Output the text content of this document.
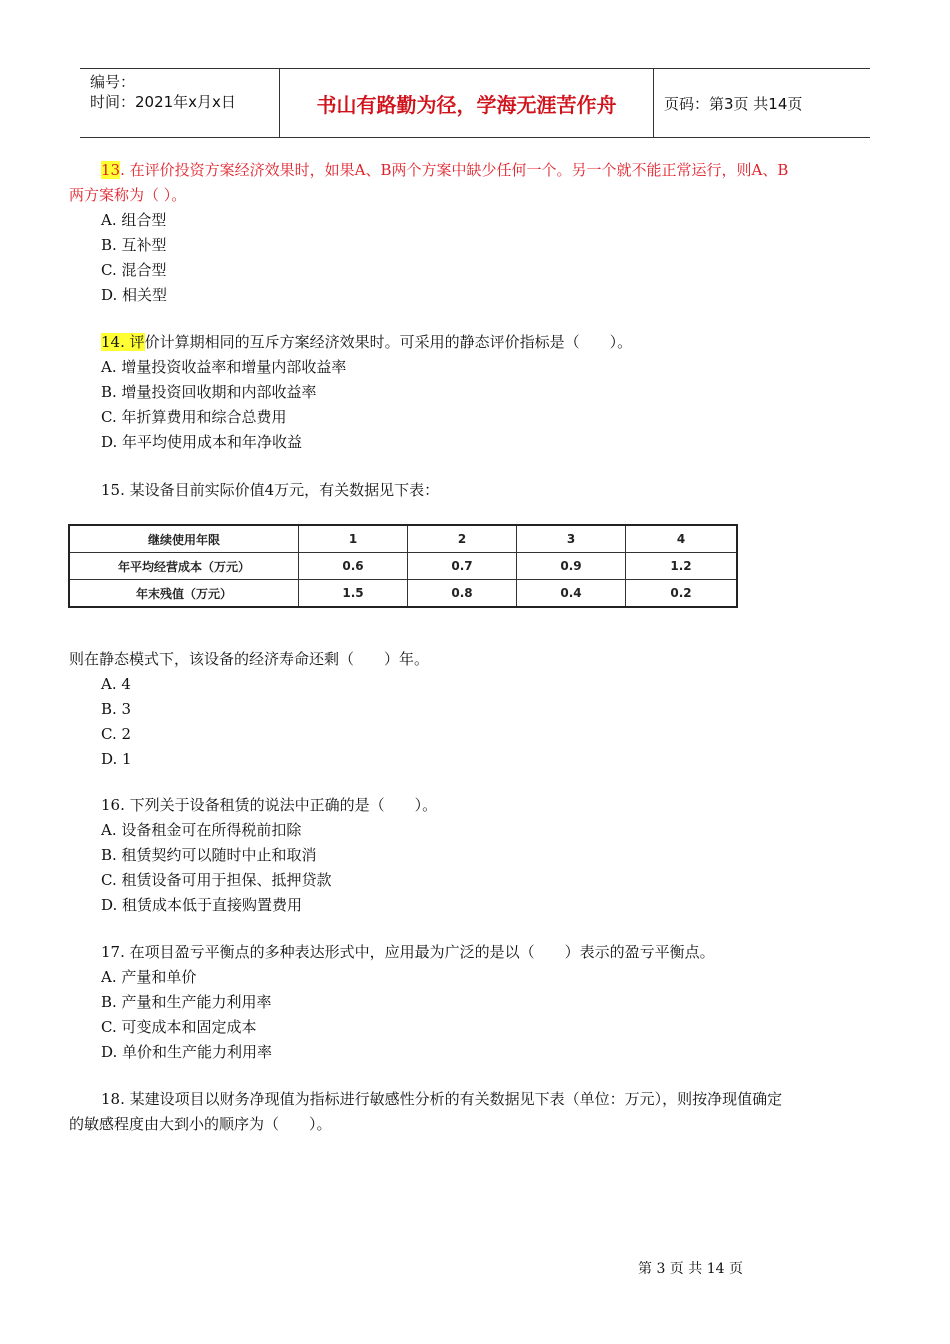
编号：
时间：2021年x月x日	书山有路勤为径，学海无涯苦作舟	页码：第3页 共14页

13. 在评价投资方案经济效果时，如果A、B两个方案中缺少任何一个。另一个就不能正常运行，则A、B

两方案称为（ ）。

A. 组合型

B. 互补型

C. 混合型

D. 相关型

14. 评价计算期相同的互斥方案经济效果时。可采用的静态评价指标是（　　）。

A. 增量投资收益率和增量内部收益率

B. 增量投资回收期和内部收益率

C. 年折算费用和综合总费用

D. 年平均使用成本和年净收益

15. 某设备目前实际价值4万元，有关数据见下表：

继续使用年限	1	2	3	4
年平均经营成本（万元）	0.6	0.7	0.9	1.2
年末残值（万元）	1.5	0.8	0.4	0.2

则在静态模式下，该设备的经济寿命还剩（　　）年。

A. 4

B. 3

C. 2

D. 1

16. 下列关于设备租赁的说法中正确的是（　　）。

A. 设备租金可在所得税前扣除

B. 租赁契约可以随时中止和取消

C. 租赁设备可用于担保、抵押贷款

D. 租赁成本低于直接购置费用

17. 在项目盈亏平衡点的多种表达形式中，应用最为广泛的是以（　　）表示的盈亏平衡点。

A. 产量和单价

B. 产量和生产能力利用率

C. 可变成本和固定成本

D. 单价和生产能力利用率

18. 某建设项目以财务净现值为指标进行敏感性分析的有关数据见下表（单位：万元），则按净现值确定

的敏感程度由大到小的顺序为（　　）。

第 3 页 共 14 页
